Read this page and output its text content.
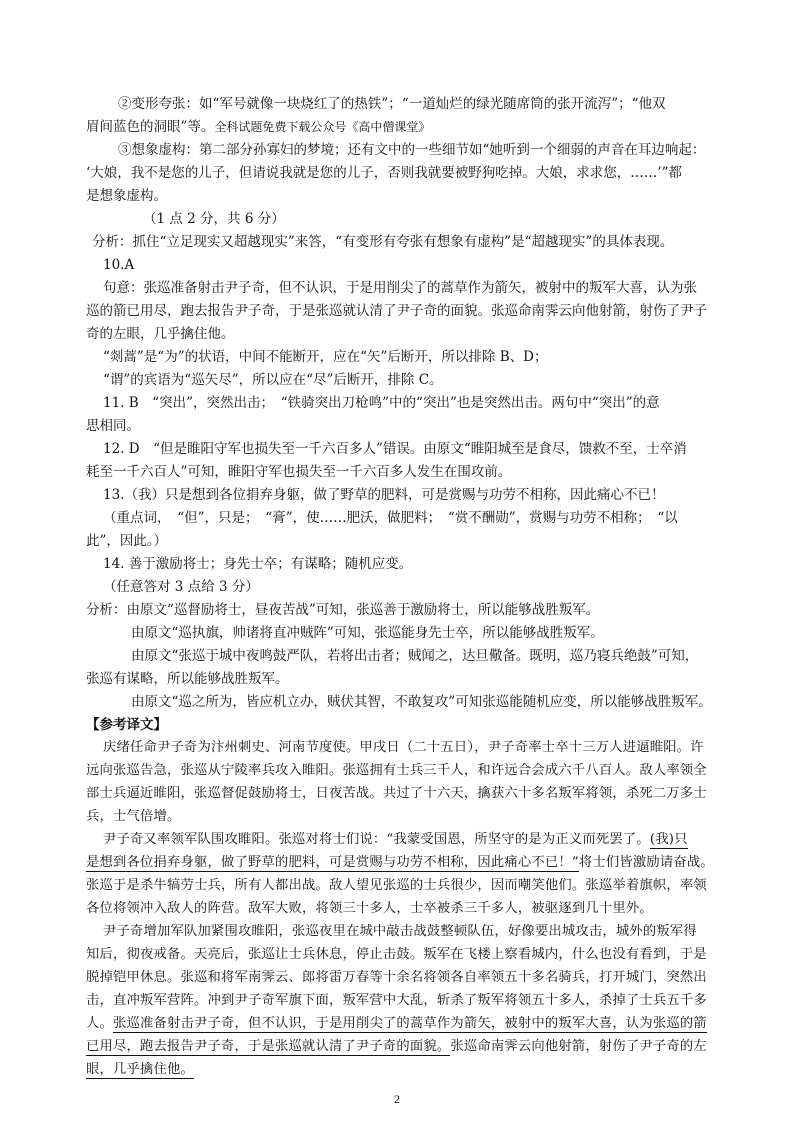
②变形夸张：如“军号就像一块烧红了的热铁”；“一道灿烂的绿光随席筒的张开流泻”；“他双
眉间蓝色的洞眼”等。全科试题免费下载公众号《高中僧课堂》
③想象虚构：第二部分孙寡妇的梦境；还有文中的一些细节如“她听到一个细弱的声音在耳边响起：
‘大娘，我不是您的儿子，但请说我就是您的儿子，否则我就要被野狗吃掉。大娘，求求您，……’”都
是想象虚构。
（1 点 2 分，共 6 分）
分析：抓住“立足现实又超越现实”来答，“有变形有夸张有想象有虚构”是“超越现实”的具体表现。
10.A
句意：张巡准备射击尹子奇，但不认识，于是用削尖了的蒿草作为箭矢，被射中的叛军大喜，认为张
巡的箭已用尽，跑去报告尹子奇，于是张巡就认清了尹子奇的面貌。张巡命南霁云向他射箭，射伤了尹子
奇的左眼，几乎擒住他。
“剡蒿”是“为”的状语，中间不能断开，应在“矢”后断开，所以排除 B、D；
“谓”的宾语为“巡矢尽”，所以应在“尽”后断开，排除 C。
11. B　“突出”，突然出击；　“铁骑突出刀枪鸣”中的“突出”也是突然出击。两句中“突出”的意
思相同。
12. D　“但是睢阳守军也损失至一千六百多人”错误。由原文“睢阳城至是食尽，馈救不至，士卒消
耗至一千六百人”可知，睢阳守军也损失至一千六百多人发生在围攻前。
13.（我）只是想到各位捐弃身躯，做了野草的肥料，可是赏赐与功劳不相称，因此痛心不已！
（重点词，　“但”，只是；　“膏”，使……肥沃，做肥料；　“赏不酬勋”，赏赐与功劳不相称；　“以
此”，因此。）
14. 善于激励将士；身先士卒；有谋略；随机应变。
（任意答对 3 点给 3 分）
分析：由原文“巡督励将士，昼夜苦战”可知，张巡善于激励将士，所以能够战胜叛军。
由原文“巡执旗，帅诸将直冲贼阵”可知，张巡能身先士卒，所以能够战胜叛军。
由原文“张巡于城中夜鸣鼓严队，若将出击者；贼闻之，达旦儆备。既明，巡乃寝兵绝鼓”可知，
张巡有谋略，所以能够战胜叛军。
由原文“巡之所为，皆应机立办，贼伏其智，不敢复攻”可知张巡能随机应变，所以能够战胜叛军。
【参考译文】
庆绪任命尹子奇为汴州刺史、河南节度使。甲戌日（二十五日），尹子奇率士卒十三万人进逼睢阳。许
远向张巡告急，张巡从宁陵率兵攻入睢阳。张巡拥有士兵三千人，和许远合会成六千八百人。敌人率领全
部士兵逼近睢阳，张巡督促鼓励将士，日夜苦战。共过了十六天，擒获六十多名叛军将领，杀死二万多士
兵，士气倍增。
尹子奇又率领军队围攻睢阳。张巡对将士们说：“我蒙受国恩，所坚守的是为正义而死罢了。(我)只
是想到各位捐弃身躯，做了野草的肥料，可是赏赐与功劳不相称，因此痛心不已！”将士们皆激励请奋战。
张巡于是杀牛犒劳士兵，所有人都出战。敌人望见张巡的士兵很少，因而嘲笑他们。张巡举着旗帜，率领
各位将领冲入敌人的阵营。敌军大败，将领三十多人，士卒被杀三千多人，被驱逐到几十里外。
尹子奇增加军队加紧围攻睢阳，张巡夜里在城中敲击战鼓整顿队伍，好像要出城攻击，城外的叛军得
知后，彻夜戒备。天亮后，张巡让士兵休息，停止击鼓。叛军在飞楼上察看城内，什么也没有看到，于是
脱掉铠甲休息。张巡和将军南霁云、郎将雷万春等十余名将领各自率领五十多名骑兵，打开城门，突然出
击，直冲叛军营阵。冲到尹子奇军旗下面，叛军营中大乱，斩杀了叛军将领五十多人，杀掉了士兵五千多
人。张巡准备射击尹子奇，但不认识，于是用削尖了的蒿草作为箭矢，被射中的叛军大喜，认为张巡的箭
已用尽，跑去报告尹子奇，于是张巡就认清了尹子奇的面貌。张巡命南霁云向他射箭，射伤了尹子奇的左
眼，几乎擒住他。
2
